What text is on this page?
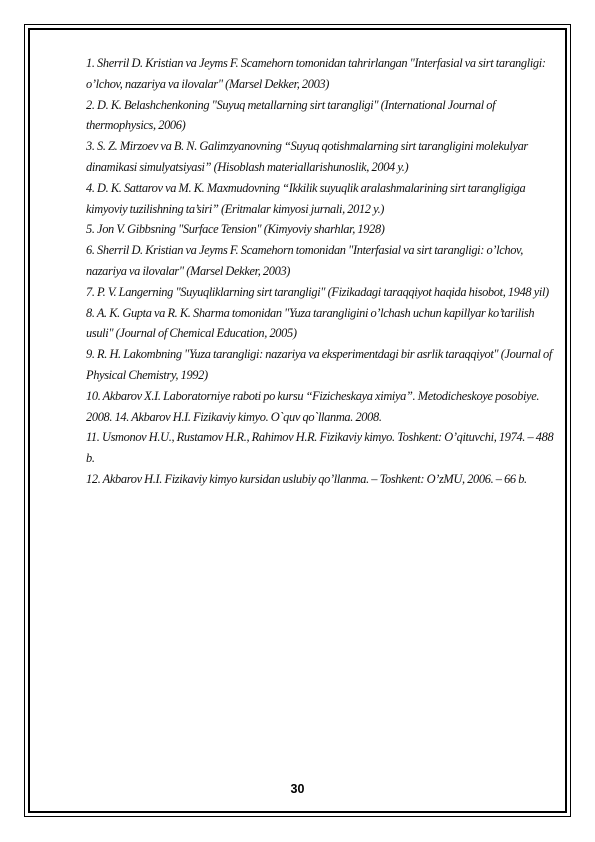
1. Sherril D. Kristian va Jeyms F. Scamehorn tomonidan tahrirlangan "Interfasial va sirt tarangligi: o’lchov, nazariya va ilovalar" (Marsel Dekker, 2003)
2. D. K. Belashchenkoning "Suyuq metallarning sirt tarangligi" (International Journal of thermophysics, 2006)
3. S. Z. Mirzoev va B. N. Galimzyanovning “Suyuq qotishmalarning sirt tarangligini molekulyar dinamikasi simulyatsiyasi” (Hisoblash materiallarishunoslik, 2004 y.)
4. D. K. Sattarov va M. K. Maxmudovning “Ikkilik suyuqlik aralashmalarining sirt tarangligiga kimyoviy tuzilishning ta’siri” (Eritmalar kimyosi jurnali, 2012 y.)
5. Jon V. Gibbsning "Surface Tension" (Kimyoviy sharhlar, 1928)
6. Sherril D. Kristian va Jeyms F. Scamehorn tomonidan "Interfasial va sirt tarangligi: o’lchov, nazariya va ilovalar" (Marsel Dekker, 2003)
7. P. V. Langerning "Suyuqliklarning sirt tarangligi" (Fizikadagi taraqqiyot haqida hisobot, 1948 yil)
8. A. K. Gupta va R. K. Sharma tomonidan "Yuza tarangligini o’lchash uchun kapillyar ko’tarilish usuli" (Journal of Chemical Education, 2005)
9. R. H. Lakombning "Yuza tarangligi: nazariya va eksperimentdagi bir asrlik taraqqiyot" (Journal of Physical Chemistry, 1992)
10. Akbarov X.I. Laboratorniye raboti po kursu “Fizicheskaya ximiya”. Metodicheskoye posobiye. 2008. 14. Akbarov H.I. Fizikaviy kimyo. O`quv qo`llanma. 2008.
11. Usmonov H.U., Rustamov H.R., Rahimov H.R. Fizikaviy kimyo. Toshkent: O’qituvchi, 1974. – 488 b.
12. Akbarov H.I. Fizikaviy kimyo kursidan uslubiy qo’llanma. – Toshkent: O’zMU, 2006. – 66 b.
30
